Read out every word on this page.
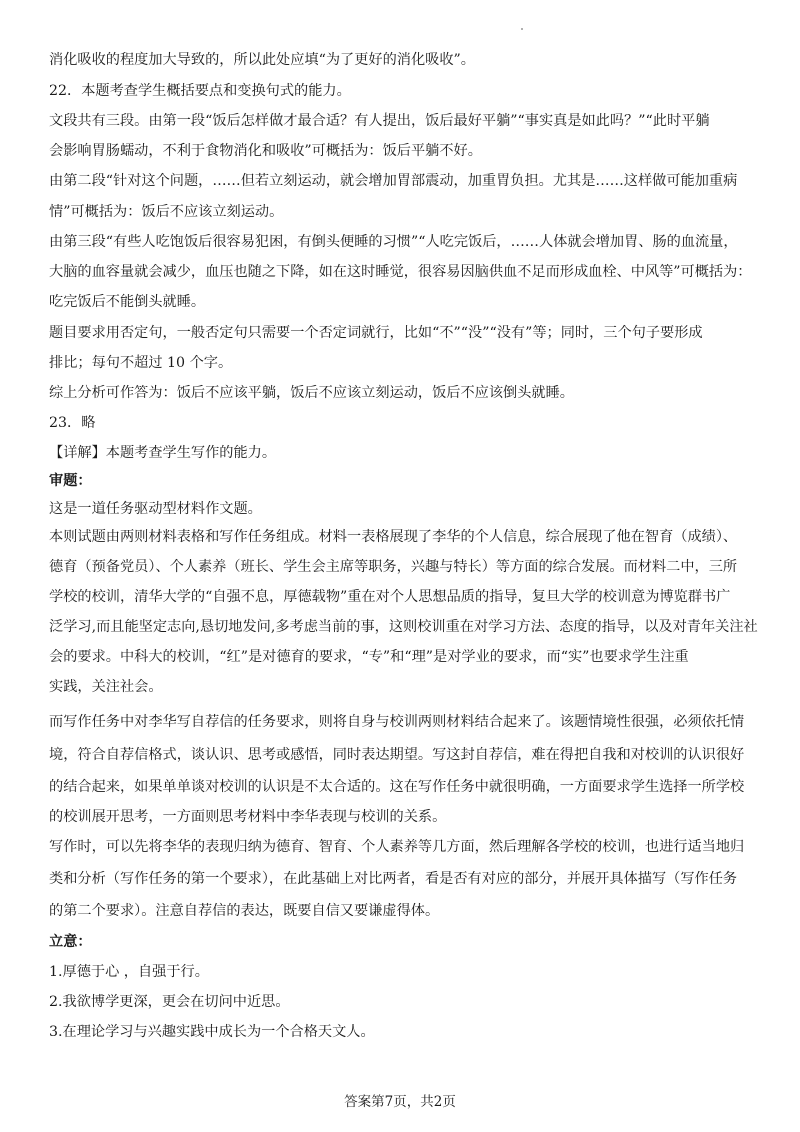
消化吸收的程度加大导致的，所以此处应填“为了更好的消化吸收”。
22．本题考查学生概括要点和变换句式的能力。
文段共有三段。由第一段“饭后怎样做才最合适？有人提出，饭后最好平躺”“事实真是如此吗？”“此时平躺
会影响胃肠蠕动，不利于食物消化和吸收”可概括为：饭后平躺不好。
由第二段“针对这个问题，……但若立刻运动，就会增加胃部震动，加重胃负担。尤其是……这样做可能加重病
情”可概括为：饭后不应该立刻运动。
由第三段“有些人吃饱饭后很容易犯困，有倒头便睡的习惯”“人吃完饭后，……人体就会增加胃、肠的血流量，
大脑的血容量就会减少，血压也随之下降，如在这时睡觉，很容易因脑供血不足而形成血栓、中风等”可概括为：
吃完饭后不能倒头就睡。
题目要求用否定句，一般否定句只需要一个否定词就行，比如“不”“没”“没有”等；同时，三个句子要形成
排比；每句不超过 10 个字。
综上分析可作答为：饭后不应该平躺，饭后不应该立刻运动，饭后不应该倒头就睡。
23．略
【详解】本题考查学生写作的能力。
审题：
这是一道任务驱动型材料作文题。
本则试题由两则材料表格和写作任务组成。材料一表格展现了李华的个人信息，综合展现了他在智育（成绩）、
德育（预备党员）、个人素养（班长、学生会主席等职务，兴趣与特长）等方面的综合发展。而材料二中，三所
学校的校训，清华大学的“自强不息，厚德载物”重在对个人思想品质的指导，复旦大学的校训意为博览群书广
泛学习,而且能坚定志向,恳切地发问,多考虑当前的事，这则校训重在对学习方法、态度的指导，以及对青年关注社
会的要求。中科大的校训，“红”是对德育的要求，“专”和“理”是对学业的要求，而“实”也要求学生注重
实践，关注社会。
而写作任务中对李华写自荐信的任务要求，则将自身与校训两则材料结合起来了。该题情境性很强，必须依托情
境，符合自荐信格式，谈认识、思考或感悟，同时表达期望。写这封自荐信，难在得把自我和对校训的认识很好
的结合起来，如果单单谈对校训的认识是不太合适的。这在写作任务中就很明确，一方面要求学生选择一所学校
的校训展开思考，一方面则思考材料中李华表现与校训的关系。
写作时，可以先将李华的表现归纳为德育、智育、个人素养等几方面，然后理解各学校的校训，也进行适当地归
类和分析（写作任务的第一个要求），在此基础上对比两者，看是否有对应的部分，并展开具体描写（写作任务
的第二个要求）。注意自荐信的表达，既要自信又要谦虚得体。
立意：
1.厚德于心 ，自强于行。
2.我欲博学更深，更会在切问中近思。
3.在理论学习与兴趣实践中成长为一个合格天文人。
答案第7页，共2页
